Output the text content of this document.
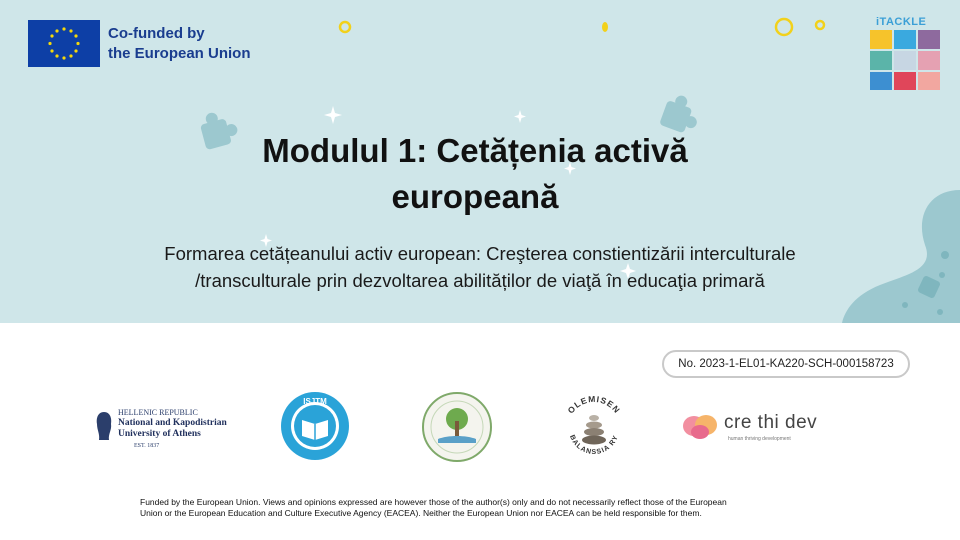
Co-funded by
the European Union
iTACKLE
Modulul 1: Cetățenia activă
europeană
Formarea cetățeanului activ european: Creşterea constientizării interculturale
/transculturale prin dezvoltarea abilităților de viaţă în educaţia primară
No. 2023-1-EL01-KA220-SCH-000158723
HELLENIC REPUBLIC
National and Kapodistrian
University of Athens
EST. 1837
ISJTM
OLEMISEN
BALANSSIA RY
cre thi dev
human thriving development
Funded by the European Union. Views and opinions expressed are however those of the author(s) only and do not necessarily reflect those of the European
Union or the European Education and Culture Executive Agency (EACEA). Neither the European Union nor EACEA can be held responsible for them.
